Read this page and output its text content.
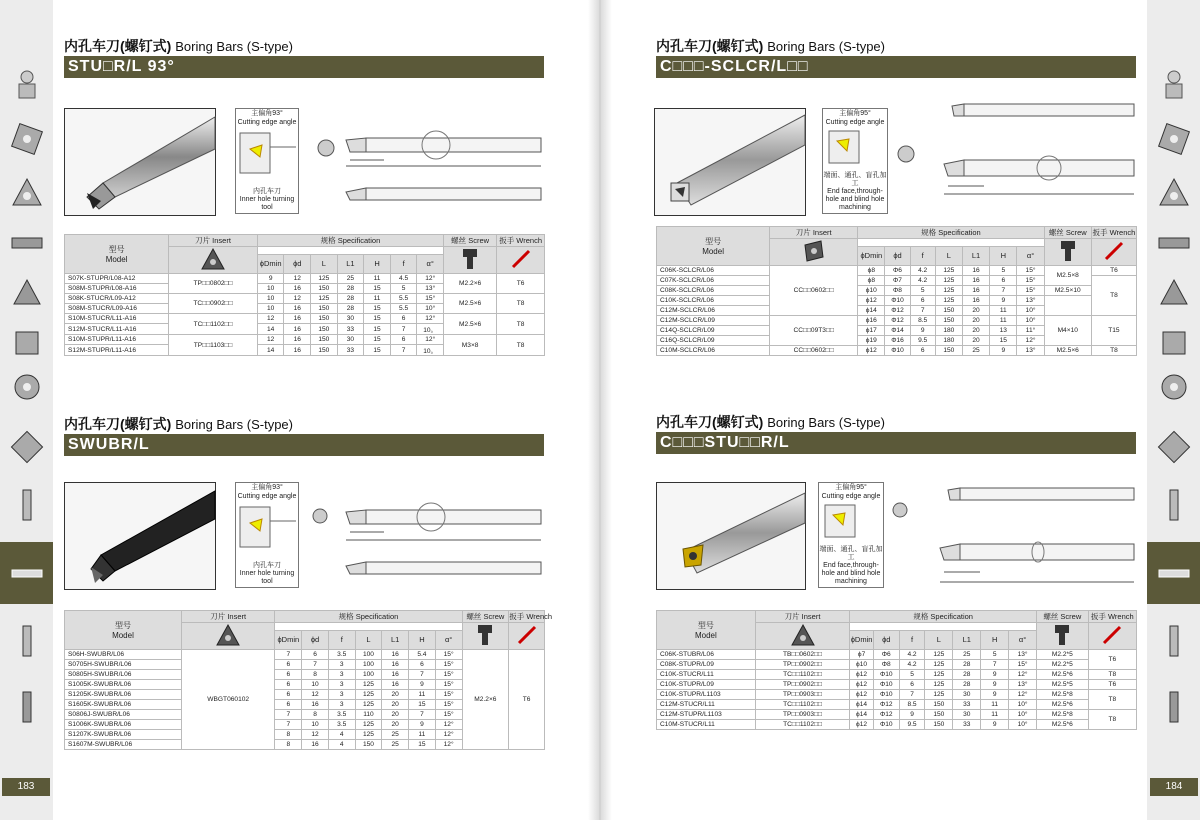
183	184
内孔车刀(螺钉式) Boring Bars (S-type)
STU□R/L 93°
主偏角93°
Cutting edge angle
内孔车刀
Inner hole turning tool
型号
Model	刀片 Insert	规格 Specification							螺丝 Screw	扳手 Wrench

		ϕDmin	ϕd	L	L1	H	f	α°		
S07K-STUPR/L08-A12	TP□□0802□□	9	12	125	25	11	4.5	12°	M2.2×6	T6
S08M-STUPR/L08-A16		10	16	150	28	15	5	13°		
S08K-STUCR/L09-A12	TC□□0902□□	10	12	125	28	11	5.5	15°	M2.5×6	T8
S08M-STUCR/L09-A16		10	16	150	28	15	5.5	10°		
S10M-STUCR/L11-A16	TC□□1102□□	12	16	150	30	15	6	12°	M2.5×6	T8
S12M-STUCR/L11-A16		14	16	150	33	15	7	10。		
S10M-STUPR/L11-A16	TP□□1103□□	12	16	150	30	15	6	12°	M3×8	T8
S12M-STUPR/L11-A16		14	16	150	33	15	7	10。		
内孔车刀(螺钉式) Boring Bars (S-type)
SWUBR/L
主偏角93°
Cutting edge angle
内孔车刀
Inner hole turning tool
型号
Model	刀片 Insert	规格 Specification							螺丝 Screw	扳手 Wrench

		ϕDmin	ϕd	f	L	L1	H	α°		
S06H-SWUBR/L06	WBGT060102	7	6	3.5	100	16	5.4	15°	M2.2×6	T6
S0705H-SWUBR/L06		6	7	3	100	16	6	15°		
S0805H-SWUBR/L06		6	8	3	100	16	7	15°		
S1005K-SWUBR/L06		6	10	3	125	16	9	15°		
S1205K-SWUBR/L06		6	12	3	125	20	11	15°		
S1605K-SWUBR/L06		6	16	3	125	20	15	15°		
S0806J-SWUBR/L06		7	8	3.5	110	20	7	15°		
S1006K-SWUBR/L06		7	10	3.5	125	20	9	12°		
S1207K-SWUBR/L06		8	12	4	125	25	11	12°		
S1607M-SWUBR/L06		8	16	4	150	25	15	12°		
内孔车刀(螺钉式) Boring Bars (S-type)
C□□□-SCLCR/L□□
主偏角95°
Cutting edge angle
端面、通孔、盲孔加工
End face,through-hole and blind hole machining
型号
Model	刀片 Insert	规格 Specification							螺丝 Screw	扳手 Wrench

		ϕDmin	ϕd	f	L	L1	H	α°		
C06K-SCLCR/L06	CC□□0602□□	ϕ8	Φ6	4.2	125	16	5	15°	M2.5×8	T6
C07K-SCLCR/L06		ϕ8	Φ7	4.2	125	16	6	15°		T8
C08K-SCLCR/L06		ϕ10	Φ8	5	125	16	7	15°	M2.5×10	
C10K-SCLCR/L06		ϕ12	Φ10	6	125	16	9	13°		
C12M-SCLCR/L06		ϕ14	Φ12	7	150	20	11	10°		
C12M-SCLCR/L09	CC□□09T3□□	ϕ16	Φ12	8.5	150	20	11	10°	M4×10	T15
C14Q-SCLCR/L09		ϕ17	Φ14	9	180	20	13	11°		
C16Q-SCLCR/L09		ϕ19	Φ16	9.5	180	20	15	12°		
C10M-SCLCR/L06	CC□□0602□□	ϕ12	Φ10	6	150	25	9	13°	M2.5×6	T8
内孔车刀(螺钉式) Boring Bars (S-type)
C□□□STU□□R/L
主偏角95°
Cutting edge angle
端面、通孔、盲孔加工
End face,through-hole and blind hole machining
型号
Model	刀片 Insert	规格 Specification							螺丝 Screw	扳手 Wrench

		ϕDmin	ϕd	f	L	L1	H	α°		
C06K-STUBR/L06	TB□□0602□□	ϕ7	Φ6	4.2	125	25	5	13°	M2.2*5	T6
C08K-STUPR/L09	TP□□0902□□	ϕ10	Φ8	4.2	125	28	7	15°	M2.2*5	
C10K-STUCR/L11	TC□□1102□□	ϕ12	Φ10	5	125	28	9	12°	M2.5*6	T8
C10K-STUPR/L09	TP□□0902□□	ϕ12	Φ10	6	125	28	9	13°	M2.5*5	T6
C10K-STUPR/L1103	TP□□0903□□	ϕ12	Φ10	7	125	30	9	12°	M2.5*8	T8
C12M-STUCR/L11	TC□□1102□□	ϕ14	Φ12	8.5	150	33	11	10°	M2.5*6	
C12M-STUPR/L1103	TP□□0903□□	ϕ14	Φ12	9	150	30	11	10°	M2.5*8	T8
C10M-STUCR/L11	TC□□1102□□	ϕ12	Φ10	9.5	150	33	9	10°	M2.5*6	
